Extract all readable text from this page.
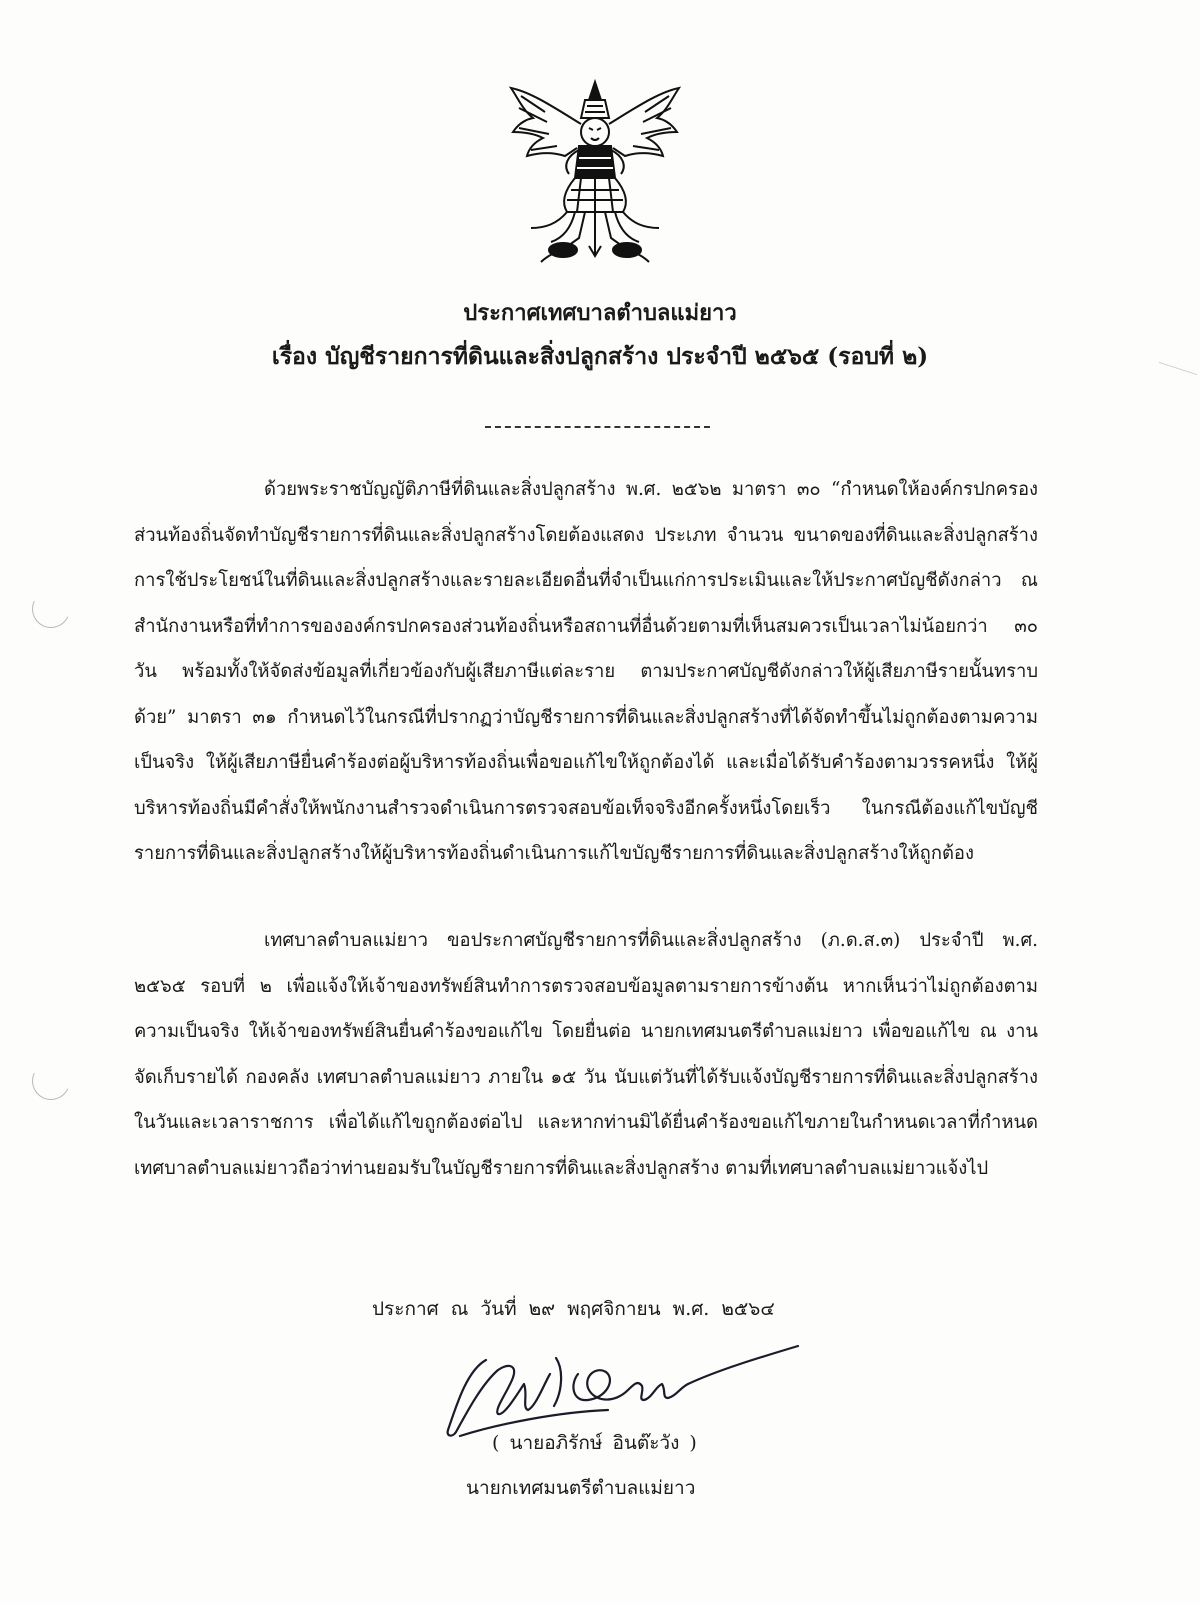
ประกาศเทศบาลตำบลแม่ยาว
เรื่อง บัญชีรายการที่ดินและสิ่งปลูกสร้าง ประจำปี ๒๕๖๕ (รอบที่ ๒)
ด้วยพระราชบัญญัติภาษีที่ดินและสิ่งปลูกสร้าง พ.ศ. ๒๕๖๒ มาตรา ๓๐ “กำหนดให้องค์กรปกครองส่วนท้องถิ่นจัดทำบัญชีรายการที่ดินและสิ่งปลูกสร้างโดยต้องแสดง ประเภท จำนวน ขนาดของที่ดินและสิ่งปลูกสร้าง การใช้ประโยชน์ในที่ดินและสิ่งปลูกสร้างและรายละเอียดอื่นที่จำเป็นแก่การประเมินและให้ประกาศบัญชีดังกล่าว ณ สำนักงานหรือที่ทำการขององค์กรปกครองส่วนท้องถิ่นหรือสถานที่อื่นด้วยตามที่เห็นสมควรเป็นเวลาไม่น้อยกว่า ๓๐ วัน พร้อมทั้งให้จัดส่งข้อมูลที่เกี่ยวข้องกับผู้เสียภาษีแต่ละราย ตามประกาศบัญชีดังกล่าวให้ผู้เสียภาษีรายนั้นทราบด้วย” มาตรา ๓๑ กำหนดไว้ในกรณีที่ปรากฏว่าบัญชีรายการที่ดินและสิ่งปลูกสร้างที่ได้จัดทำขึ้นไม่ถูกต้องตามความเป็นจริง ให้ผู้เสียภาษียื่นคำร้องต่อผู้บริหารท้องถิ่นเพื่อขอแก้ไขให้ถูกต้องได้ และเมื่อได้รับคำร้องตามวรรคหนึ่ง ให้ผู้บริหารท้องถิ่นมีคำสั่งให้พนักงานสำรวจดำเนินการตรวจสอบข้อเท็จจริงอีกครั้งหนึ่งโดยเร็ว ในกรณีต้องแก้ไขบัญชีรายการที่ดินและสิ่งปลูกสร้างให้ผู้บริหารท้องถิ่นดำเนินการแก้ไขบัญชีรายการที่ดินและสิ่งปลูกสร้างให้ถูกต้อง
เทศบาลตำบลแม่ยาว ขอประกาศบัญชีรายการที่ดินและสิ่งปลูกสร้าง (ภ.ด.ส.๓) ประจำปี พ.ศ. ๒๕๖๕ รอบที่ ๒ เพื่อแจ้งให้เจ้าของทรัพย์สินทำการตรวจสอบข้อมูลตามรายการข้างต้น หากเห็นว่าไม่ถูกต้องตามความเป็นจริง ให้เจ้าของทรัพย์สินยื่นคำร้องขอแก้ไข โดยยื่นต่อ นายกเทศมนตรีตำบลแม่ยาว เพื่อขอแก้ไข ณ งานจัดเก็บรายได้ กองคลัง เทศบาลตำบลแม่ยาว ภายใน ๑๕ วัน นับแต่วันที่ได้รับแจ้งบัญชีรายการที่ดินและสิ่งปลูกสร้าง ในวันและเวลาราชการ เพื่อได้แก้ไขถูกต้องต่อไป และหากท่านมิได้ยื่นคำร้องขอแก้ไขภายในกำหนดเวลาที่กำหนด เทศบาลตำบลแม่ยาวถือว่าท่านยอมรับในบัญชีรายการที่ดินและสิ่งปลูกสร้าง ตามที่เทศบาลตำบลแม่ยาวแจ้งไป
ประกาศ ณ วันที่ ๒๙ พฤศจิกายน พ.ศ. ๒๕๖๔
( นายอภิรักษ์ อินต๊ะวัง )
นายกเทศมนตรีตำบลแม่ยาว
